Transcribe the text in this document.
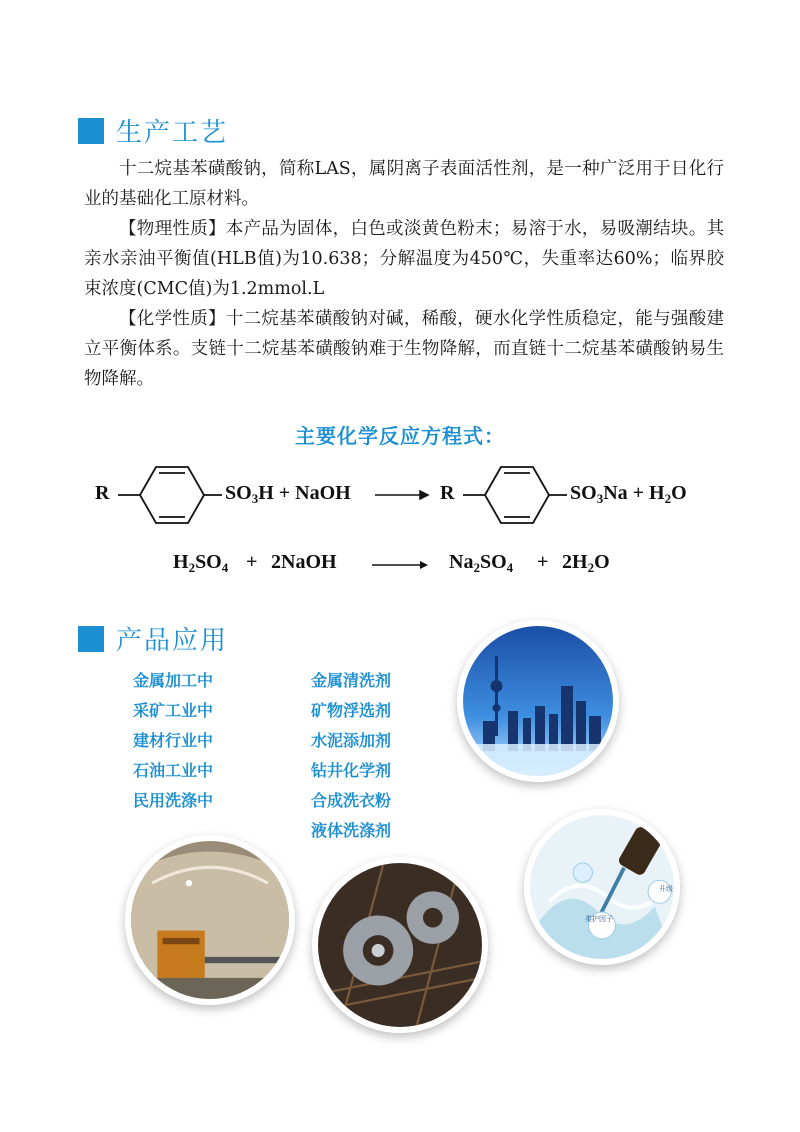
生产工艺

十二烷基苯磺酸钠，简称LAS，属阴离子表面活性剂，是一种广泛用于日化行业的基础化工原材料。

【物理性质】本产品为固体，白色或淡黄色粉末；易溶于水，易吸潮结块。其亲水亲油平衡值(HLB值)为10.638；分解温度为450℃，失重率达60%；临界胶束浓度(CMC值)为1.2mmol.L

【化学性质】十二烷基苯磺酸钠对碱，稀酸，硬水化学性质稳定，能与强酸建立平衡体系。支链十二烷基苯磺酸钠难于生物降解，而直链十二烷基苯磺酸钠易生物降解。

主要化学反应方程式：
R	$SO_3H$ + NaOH	R	$SO_3Na + H_2O$
$H_2SO_4$ + 2NaOH → $Na_2SO_4 + 2H_2O$
产品应用
金属加工中
采矿工业中
建材行业中
石油工业中
民用洗涤中
金属清洗剂
矿物浮选剂
水泥添加剂
钻井化学剂
合成洗衣粉
液体洗涤剂
柔护因子
升级
